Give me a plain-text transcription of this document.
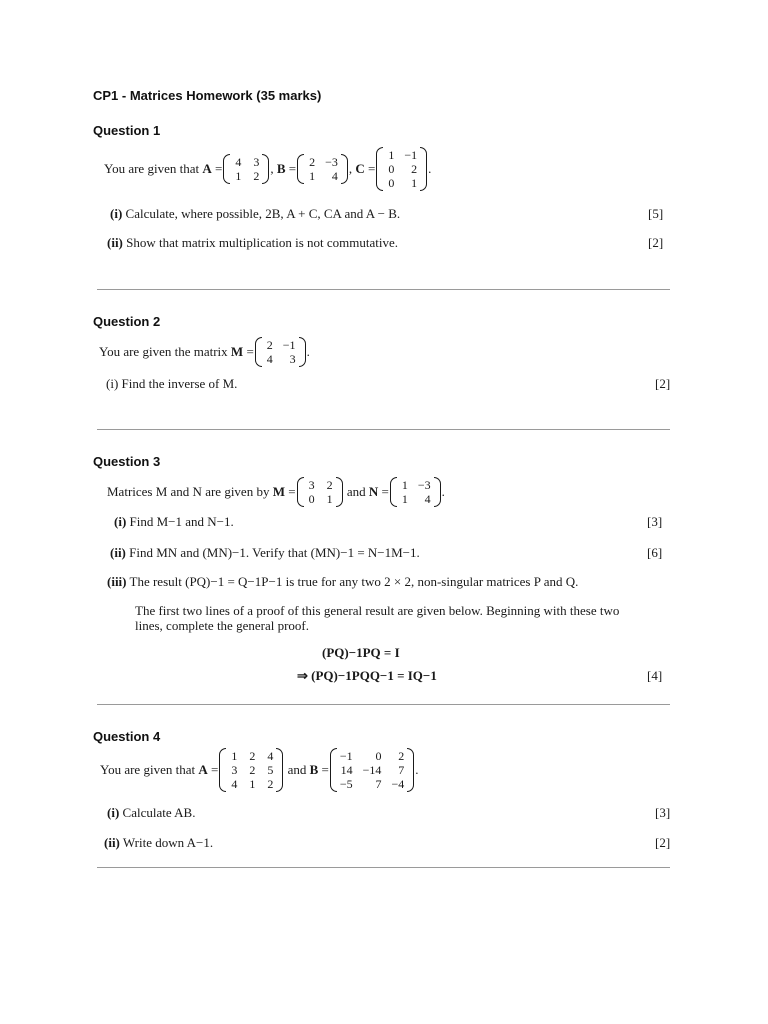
CP1 - Matrices Homework (35 marks)
Question 1
You are given that
A = 4 3
1 2 , B = 2 −3
1	4 , C =
1 −1
0	2
0	1
.
(i) Calculate, where possible, 2B, A + C, CA and A − B.	[5]
(ii) Show that matrix multiplication is not commutative.	[2]
Question 2
You are given the matrix
M = 2 −1
4	3 .
(i) Find the inverse of M.	[2]
Question 3
Matrices M and N are given by
M = 3 2
0 1
and
N = 1 −3
1	4 .
(i) Find M−1 and N−1.	[3]
(ii) Find MN and (MN)−1. Verify that (MN)−1 = N−1M−1.	[6]
(iii) The result (PQ)−1 = Q−1P−1 is true for any two 2 × 2, non-singular matrices P and Q.
The first two lines of a proof of this general result are given below. Beginning with these two
lines, complete the general proof.
(PQ)−1PQ = I
⇒ (PQ)−1PQQ−1 = IQ−1	[4]
Question 4
You are given that
A =
1 2 4
3 2 5
4 1 2

and
B =
−1	0	2
14 −14	7
−5	7 −4
.
(i) Calculate AB.	[3]
(ii) Write down A−1.	[2]
